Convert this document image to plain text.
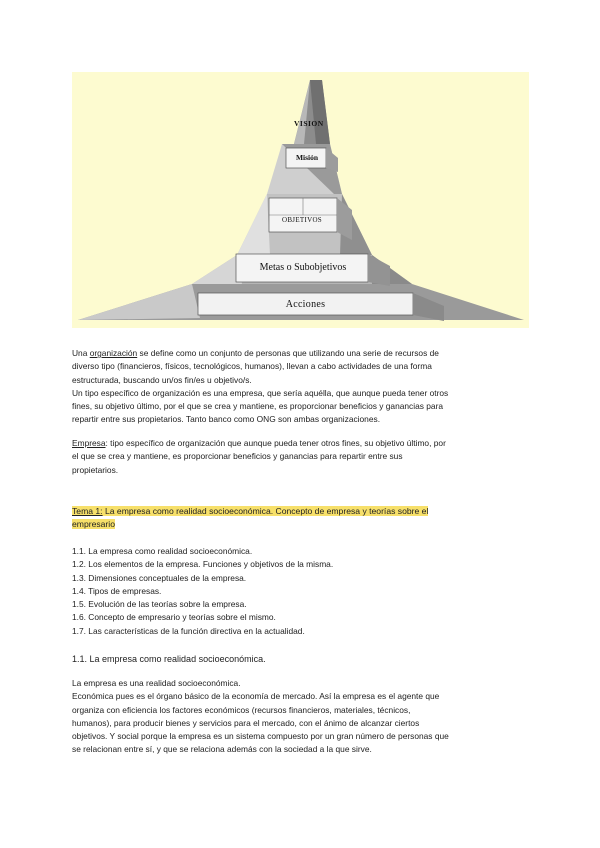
VISION
Misión
OBJETIVOS
Metas o Subobjetivos
Acciones

Una organización se define como un conjunto de personas que utilizando una serie de recursos de

diverso tipo (financieros, físicos, tecnológicos, humanos), llevan a cabo actividades de una forma

estructurada, buscando un/os fin/es u objetivo/s.

Un tipo específico de organización es una empresa, que sería aquélla, que aunque pueda tener otros

fines, su objetivo último, por el que se crea y mantiene, es proporcionar beneficios y ganancias para

repartir entre sus propietarios. Tanto banco como ONG son ambas organizaciones.

Empresa: tipo específico de organización que aunque pueda tener otros fines, su objetivo último, por

el que se crea y mantiene, es proporcionar beneficios y ganancias para repartir entre sus

propietarios.

Tema 1: La empresa como realidad socioeconómica. Concepto de empresa y teorías sobre el

empresario

1.1. La empresa como realidad socioeconómica.

1.2. Los elementos de la empresa. Funciones y objetivos de la misma.

1.3. Dimensiones conceptuales de la empresa.

1.4. Tipos de empresas.

1.5. Evolución de las teorías sobre la empresa.

1.6. Concepto de empresario y teorías sobre el mismo.

1.7. Las características de la función directiva en la actualidad.

1.1. La empresa como realidad socioeconómica.

La empresa es una realidad socioeconómica.

Económica pues es el órgano básico de la economía de mercado. Así la empresa es el agente que

organiza con eficiencia los factores económicos (recursos financieros, materiales, técnicos,

humanos), para producir bienes y servicios para el mercado, con el ánimo de alcanzar ciertos

objetivos. Y social porque la empresa es un sistema compuesto por un gran número de personas que

se relacionan entre sí, y que se relaciona además con la sociedad a la que sirve.
